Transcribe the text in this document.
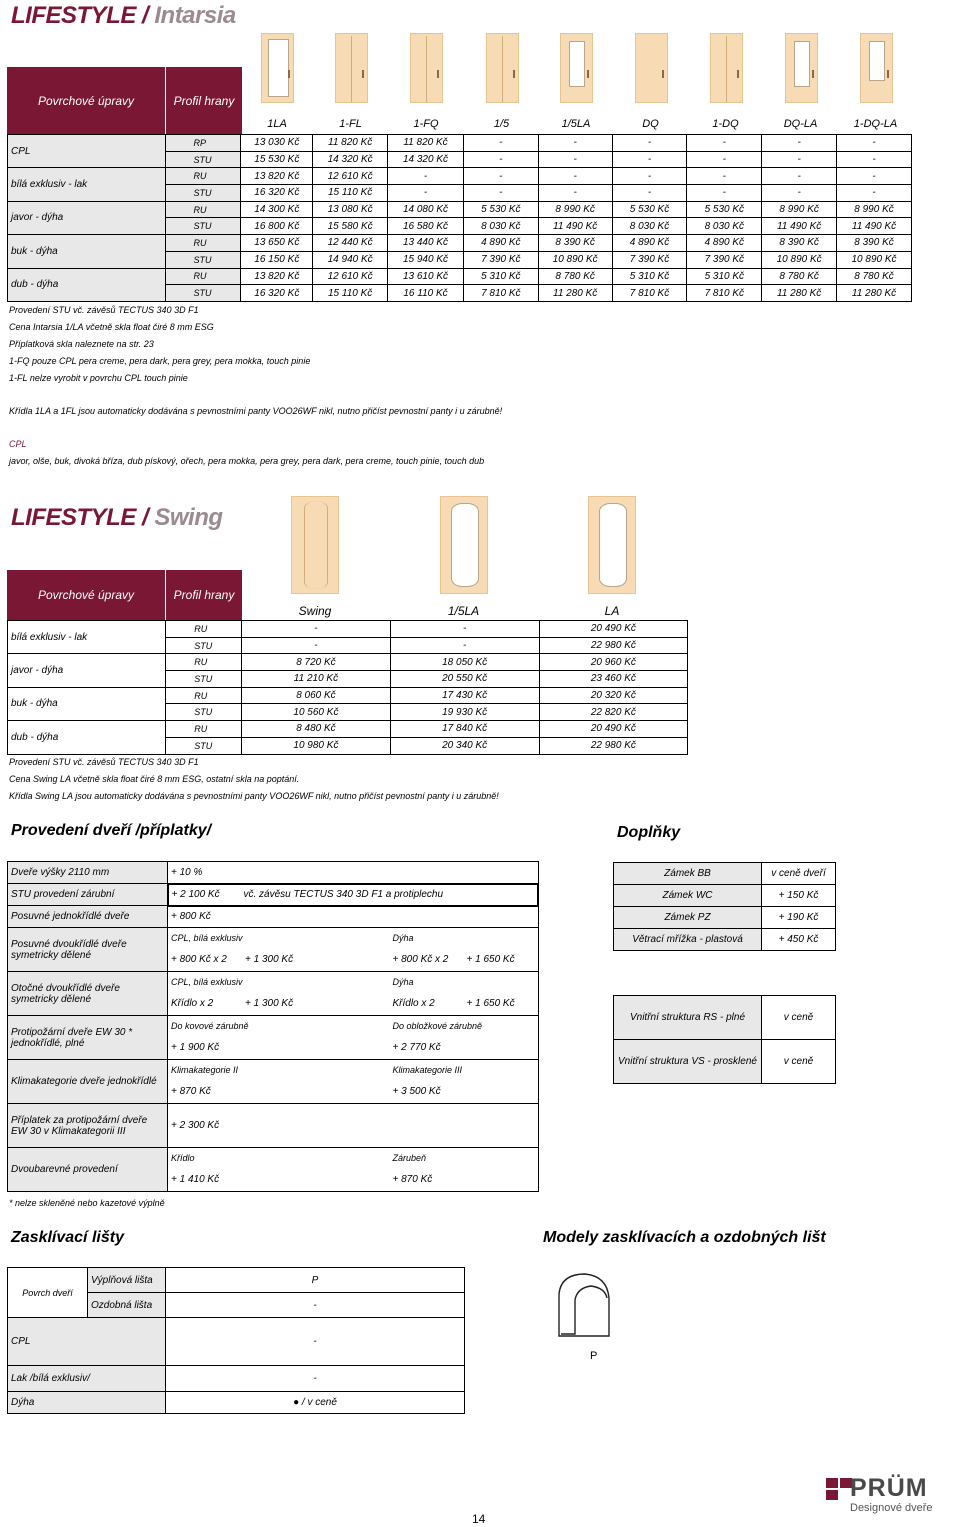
LIFESTYLE / Intarsia
Povrchové úpravy	Profil hrany
1LA	1-FL	1-FQ	1/5	1/5LA	DQ	1-DQ	DQ-LA	1-DQ-LA
CPL	RP	13 030 Kč	11 820 Kč	11 820 Kč	-	-	-	-	-	-
	STU	15 530 Kč	14 320 Kč	14 320 Kč	-	-	-	-	-	-
bílá exklusiv - lak	RU	13 820 Kč	12 610 Kč	-	-	-	-	-	-	-
	STU	16 320 Kč	15 110 Kč	-	-	-	-	-	-	-
javor - dýha	RU	14 300 Kč	13 080 Kč	14 080 Kč	5 530 Kč	8 990 Kč	5 530 Kč	5 530 Kč	8 990 Kč	8 990 Kč
	STU	16 800 Kč	15 580 Kč	16 580 Kč	8 030 Kč	11 490 Kč	8 030 Kč	8 030 Kč	11 490 Kč	11 490 Kč
buk - dýha	RU	13 650 Kč	12 440 Kč	13 440 Kč	4 890 Kč	8 390 Kč	4 890 Kč	4 890 Kč	8 390 Kč	8 390 Kč
	STU	16 150 Kč	14 940 Kč	15 940 Kč	7 390 Kč	10 890 Kč	7 390 Kč	7 390 Kč	10 890 Kč	10 890 Kč
dub - dýha	RU	13 820 Kč	12 610 Kč	13 610 Kč	5 310 Kč	8 780 Kč	5 310 Kč	5 310 Kč	8 780 Kč	8 780 Kč
	STU	16 320 Kč	15 110 Kč	16 110 Kč	7 810 Kč	11 280 Kč	7 810 Kč	7 810 Kč	11 280 Kč	11 280 Kč
Provedení STU vč. závěsů TECTUS 340 3D F1
Cena Intarsia 1/LA včetně skla float čiré 8 mm ESG
Příplatková skla naleznete na str. 23
1-FQ pouze CPL pera creme, pera dark, pera grey, pera mokka, touch pinie
1-FL nelze vyrobit v povrchu CPL touch pinie
Křídla 1LA a 1FL jsou automaticky dodávána s pevnostními panty VOO26WF nikl, nutno přičíst pevnostní panty i u zárubně!
CPL
javor, olše, buk, divoká bříza, dub pískový, ořech, pera mokka, pera grey, pera dark, pera creme, touch pinie, touch dub
LIFESTYLE / Swing
Povrchové úpravy	Profil hrany
Swing	1/5LA	LA
bílá exklusiv - lak	RU	-	-	20 490 Kč
	STU	-	-	22 980 Kč
javor - dýha	RU	8 720 Kč	18 050 Kč	20 960 Kč
	STU	11 210 Kč	20 550 Kč	23 460 Kč
buk - dýha	RU	8 060 Kč	17 430 Kč	20 320 Kč
	STU	10 560 Kč	19 930 Kč	22 820 Kč
dub - dýha	RU	8 480 Kč	17 840 Kč	20 490 Kč
	STU	10 980 Kč	20 340 Kč	22 980 Kč
Provedení STU vč. závěsů TECTUS 340 3D F1
Cena Swing LA včetně skla float čiré 8 mm ESG, ostatní skla na poptání.
Křídla Swing LA jsou automaticky dodávána s pevnostními panty VOO26WF nikl, nutno přičíst pevnostní panty i u zárubně!
Provedení dveří /příplatky/
Dveře výšky 2110 mm	+ 10 %	
STU provedení zárubní	+ 2 100 Kč vč. závěsu TECTUS 340 3D F1 a protiplechu	
Posuvné jednokřídlé dveře	+ 800 Kč	
Posuvné dvoukřídlé dveře symetricky dělené	CPL, bílá exklusiv	Dýha
	+ 800 Kč x 2 + 1 300 Kč	+ 800 Kč x 2 + 1 650 Kč
Otočné dvoukřídlé dveře symetricky dělené	CPL, bílá exklusiv	Dýha
	Křídlo x 2 + 1 300 Kč	Křídlo x 2 + 1 650 Kč
Protipožární dveře EW 30 * jednokřídlé, plné	Do kovové zárubně	Do obložkové zárubně
	+ 1 900 Kč	+ 2 770 Kč
Klimakategorie dveře jednokřídlé	Klimakategorie II	Klimakategorie III
	+ 870 Kč	+ 3 500 Kč
Příplatek za protipožární dveře EW 30 v Klimakategorii III	+ 2 300 Kč	
Dvoubarevné provedení	Křídlo	Zárubeň
	+ 1 410 Kč	+ 870 Kč
* nelze skleněné nebo kazetové výplně
Doplňky
Zámek BB	v ceně dveří
Zámek WC	+ 150 Kč
Zámek PZ	+ 190 Kč
Větrací mřížka - plastová	+ 450 Kč
Vnitřní struktura RS - plné	v ceně
Vnitřní struktura VS - prosklené	v ceně
Zasklívací lišty
Povrch dveří	Výplňová lišta	P
	Ozdobná lišta	-
CPL		-
Lak /bílá exklusiv/		-
Dýha		● / v ceně
Modely zasklívacích a ozdobných lišt
P
PRÜM
Designové dveře
14
